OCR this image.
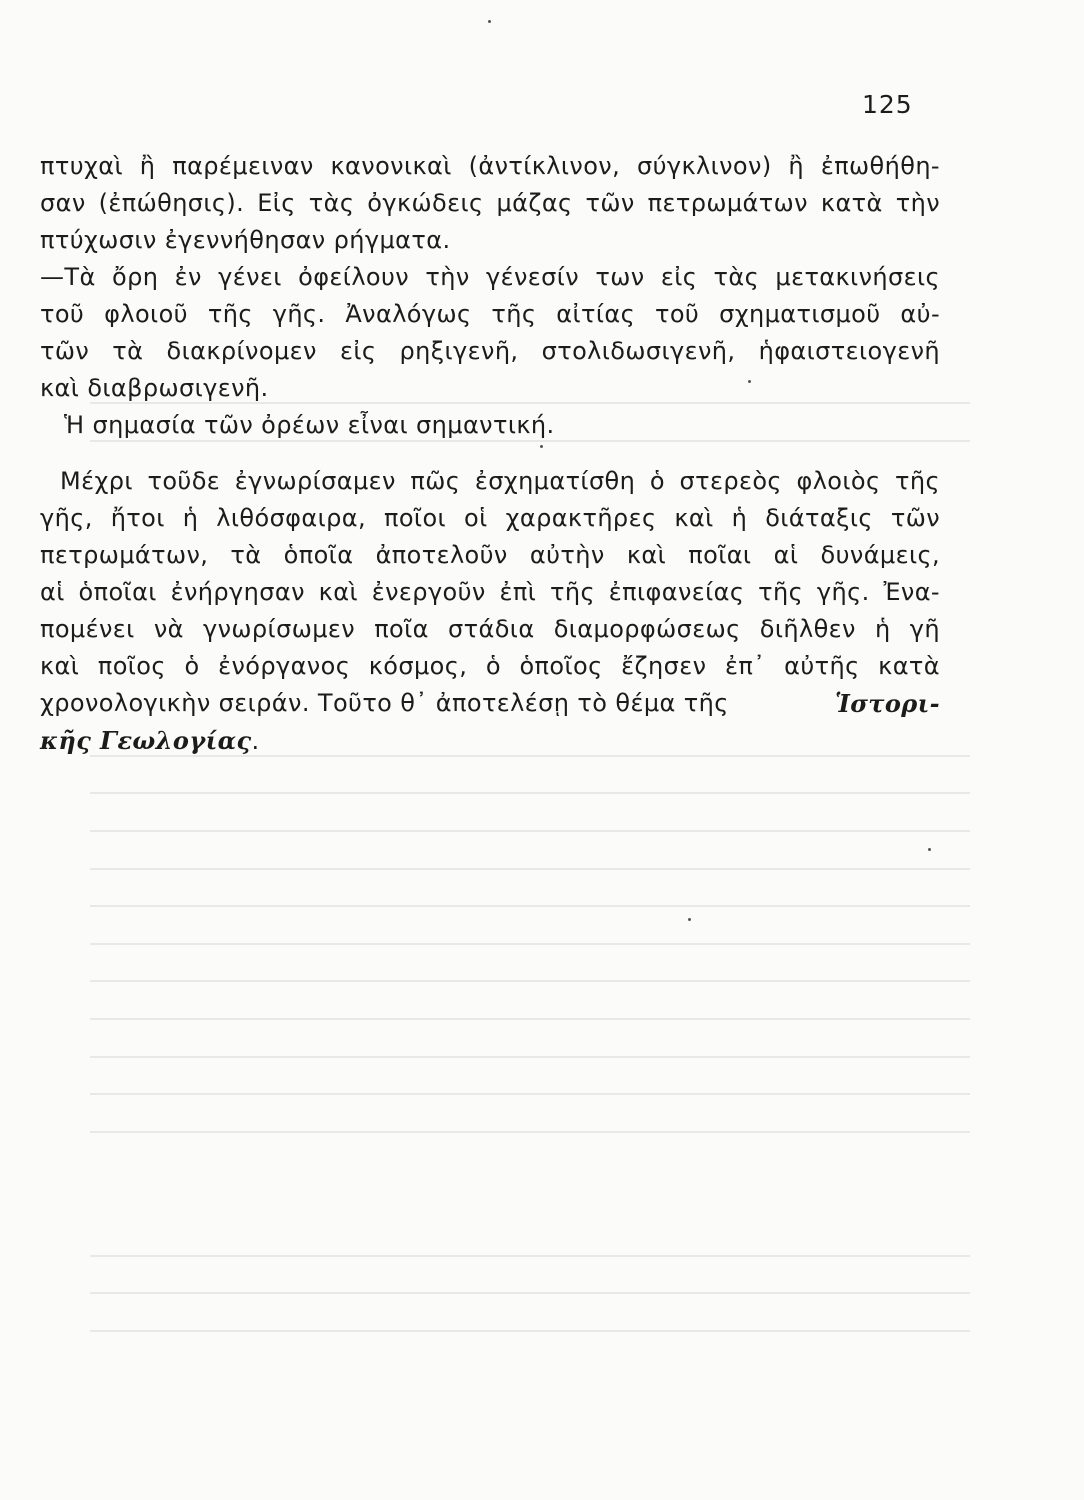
125
πτυχαὶ ἢ παρέμειναν κανονικαὶ (ἀντίκλινον, σύγκλινον) ἢ ἐπωθήθη-
σαν (ἐπώθησις). Εἰς τὰς ὀγκώδεις μάζας τῶν πετρωμάτων κατὰ τὴν
πτύχωσιν ἐγεννήθησαν ρήγματα.
—Τὰ ὄρη ἐν γένει ὀφείλουν τὴν γένεσίν των εἰς τὰς μετακινήσεις
τοῦ φλοιοῦ τῆς γῆς. Ἀναλόγως τῆς αἰτίας τοῦ σχηματισμοῦ αὐ-
τῶν τὰ διακρίνομεν εἰς ρηξιγενῆ, στολιδωσιγενῆ, ἡφαιστειογενῆ
καὶ διαβρωσιγενῆ.
Ἡ σημασία τῶν ὀρέων εἶναι σημαντική.
Μέχρι τοῦδε ἐγνωρίσαμεν πῶς ἐσχηματίσθη ὁ στερεὸς φλοιὸς τῆς
γῆς, ἤτοι ἡ λιθόσφαιρα, ποῖοι οἱ χαρακτῆρες καὶ ἡ διάταξις τῶν
πετρωμάτων, τὰ ὁποῖα ἀποτελοῦν αὐτὴν καὶ ποῖαι αἱ δυνάμεις,
αἱ ὁποῖαι ἐνήργησαν καὶ ἐνεργοῦν ἐπὶ τῆς ἐπιφανείας τῆς γῆς. Ἐνα-
πομένει νὰ γνωρίσωμεν ποῖα στάδια διαμορφώσεως διῆλθεν ἡ γῆ
καὶ ποῖος ὁ ἐνόργανος κόσμος, ὁ ὁποῖος ἔζησεν ἐπ᾽ αὐτῆς κατὰ
χρονολογικὴν σειράν. Τοῦτο θ᾽ ἀποτελέσῃ τὸ θέμα τῆς	Ἱστορι-
κῆς Γεωλογίας.
